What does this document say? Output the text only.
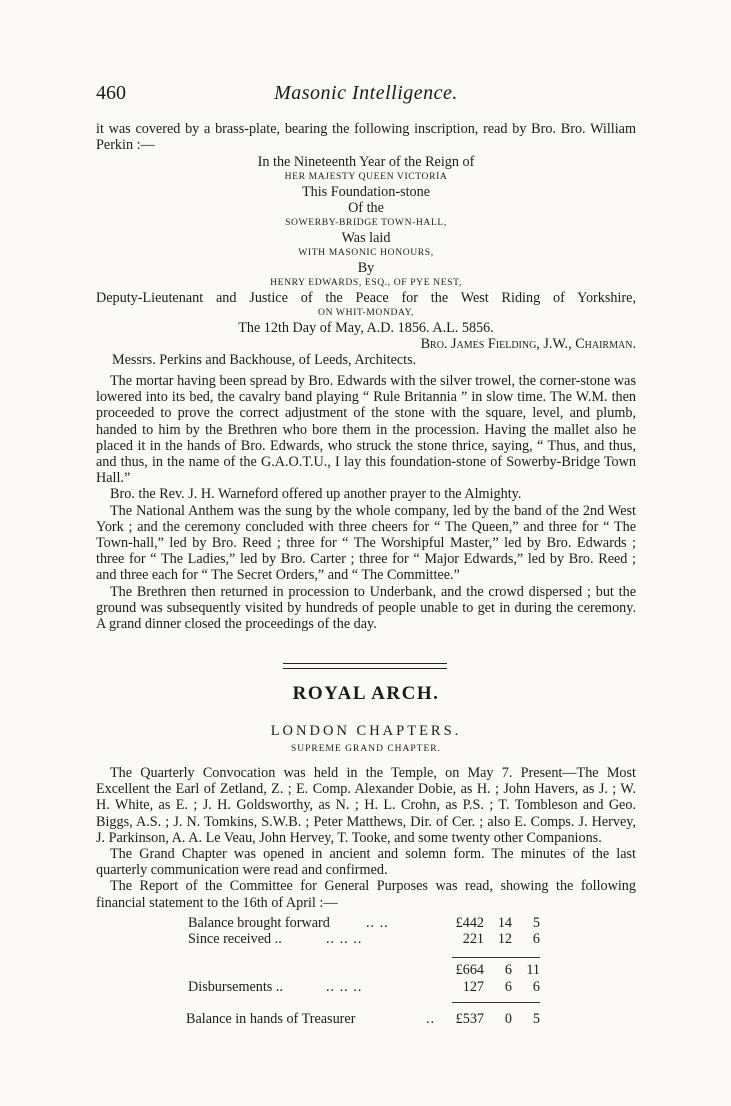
460	Masonic Intelligence.

it was covered by a brass-plate, bearing the following inscription, read by Bro. Bro. William Perkin :—

In the Nineteenth Year of the Reign of
HER MAJESTY QUEEN VICTORIA
This Foundation-stone
Of the
SOWERBY-BRIDGE TOWN-HALL,
Was laid
WITH MASONIC HONOURS,
By
HENRY EDWARDS, ESQ., OF PYE NEST,
Deputy-Lieutenant and Justice of the Peace for the West Riding of Yorkshire,
ON WHIT-MONDAY,
The 12th Day of May, A.D. 1856. A.L. 5856.
Bro. James Fielding, J.W., Chairman.
Messrs. Perkins and Backhouse, of Leeds, Architects.

The mortar having been spread by Bro. Edwards with the silver trowel, the corner-stone was lowered into its bed, the cavalry band playing “ Rule Britannia ” in slow time. The W.M. then proceeded to prove the correct adjustment of the stone with the square, level, and plumb, handed to him by the Brethren who bore them in the procession. Having the mallet also he placed it in the hands of Bro. Edwards, who struck the stone thrice, saying, “ Thus, and thus, and thus, in the name of the G.A.O.T.U., I lay this foundation-stone of Sowerby-Bridge Town Hall.”

Bro. the Rev. J. H. Warneford offered up another prayer to the Almighty.

The National Anthem was the sung by the whole company, led by the band of the 2nd West York ; and the ceremony concluded with three cheers for “ The Queen,” and three for “ The Town-hall,” led by Bro. Reed ; three for “ The Worshipful Master,” led by Bro. Edwards ; three for “ The Ladies,” led by Bro. Carter ; three for “ Major Edwards,” led by Bro. Reed ; and three each for “ The Secret Orders,” and “ The Committee.”

The Brethren then returned in procession to Underbank, and the crowd dispersed ; but the ground was subsequently visited by hundreds of people unable to get in during the ceremony. A grand dinner closed the proceedings of the day.

ROYAL ARCH.
LONDON CHAPTERS.
SUPREME GRAND CHAPTER.

The Quarterly Convocation was held in the Temple, on May 7. Present—The Most Excellent the Earl of Zetland, Z. ; E. Comp. Alexander Dobie, as H. ; John Havers, as J. ; W. H. White, as E. ; J. H. Goldsworthy, as N. ; H. L. Crohn, as P.S. ; T. Tombleson and Geo. Biggs, A.S. ; J. N. Tomkins, S.W.B. ; Peter Matthews, Dir. of Cer. ; also E. Comps. J. Hervey, J. Parkinson, A. A. Le Veau, John Hervey, T. Tooke, and some twenty other Companions.

The Grand Chapter was opened in ancient and solemn form. The minutes of the last quarterly communication were read and confirmed.

The Report of the Committee for General Purposes was read, showing the following financial statement to the 16th of April :—

Balance brought forward	.. ..	£442 14	5
Since received ..	.. .. ..	221 12	6
£664	6 11
Disbursements ..	.. .. ..	127	6	6
Balance in hands of Treasurer	.. £537	0	5
